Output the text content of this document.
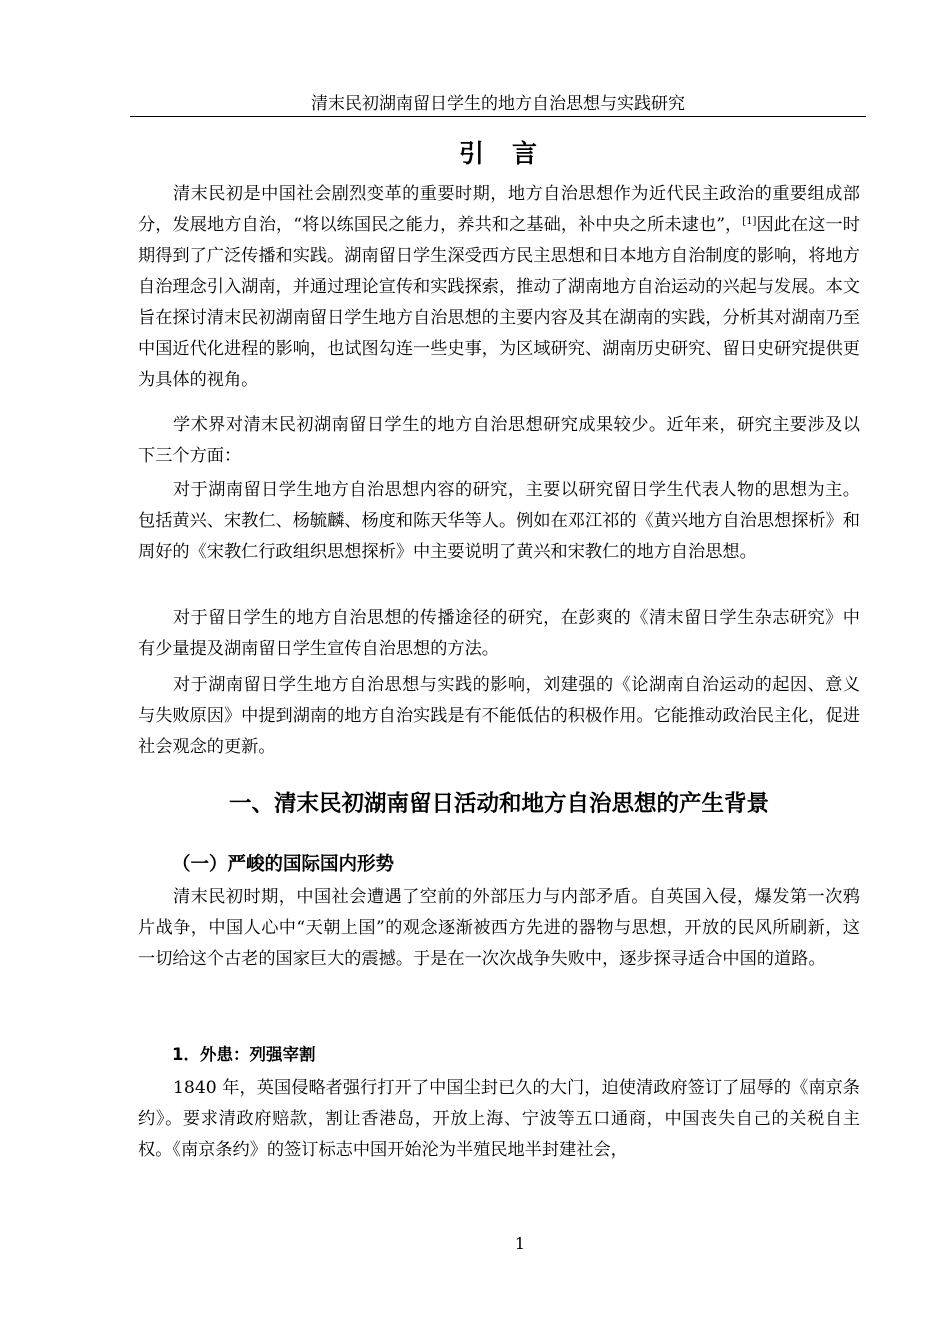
清末民初湖南留日学生的地方自治思想与实践研究
引言

清末民初是中国社会剧烈变革的重要时期，地方自治思想作为近代民主政治的重要组成部分，发展地方自治，“将以练国民之能力，养共和之基础，补中央之所未逮也”，[1]因此在这一时期得到了广泛传播和实践。湖南留日学生深受西方民主思想和日本地方自治制度的影响，将地方自治理念引入湖南，并通过理论宣传和实践探索，推动了湖南地方自治运动的兴起与发展。本文旨在探讨清末民初湖南留日学生地方自治思想的主要内容及其在湖南的实践，分析其对湖南乃至中国近代化进程的影响，也试图勾连一些史事，为区域研究、湖南历史研究、留日史研究提供更为具体的视角。

学术界对清末民初湖南留日学生的地方自治思想研究成果较少。近年来，研究主要涉及以下三个方面：

对于湖南留日学生地方自治思想内容的研究，主要以研究留日学生代表人物的思想为主。包括黄兴、宋教仁、杨毓麟、杨度和陈天华等人。例如在邓江祁的《黄兴地方自治思想探析》和周好的《宋教仁行政组织思想探析》中主要说明了黄兴和宋教仁的地方自治思想。

对于留日学生的地方自治思想的传播途径的研究，在彭爽的《清末留日学生杂志研究》中有少量提及湖南留日学生宣传自治思想的方法。

对于湖南留日学生地方自治思想与实践的影响，刘建强的《论湖南自治运动的起因、意义与失败原因》中提到湖南的地方自治实践是有不能低估的积极作用。它能推动政治民主化，促进社会观念的更新。

一、清末民初湖南留日活动和地方自治思想的产生背景
（一）严峻的国际国内形势

清末民初时期，中国社会遭遇了空前的外部压力与内部矛盾。自英国入侵，爆发第一次鸦片战争，中国人心中“天朝上国”的观念逐渐被西方先进的器物与思想，开放的民风所刷新，这一切给这个古老的国家巨大的震撼。于是在一次次战争失败中，逐步探寻适合中国的道路。

1．外患：列强宰割

1840 年，英国侵略者强行打开了中国尘封已久的大门，迫使清政府签订了屈辱的《南京条约》。要求清政府赔款，割让香港岛，开放上海、宁波等五口通商，中国丧失自己的关税自主权。《南京条约》的签订标志中国开始沦为半殖民地半封建社会，

1
